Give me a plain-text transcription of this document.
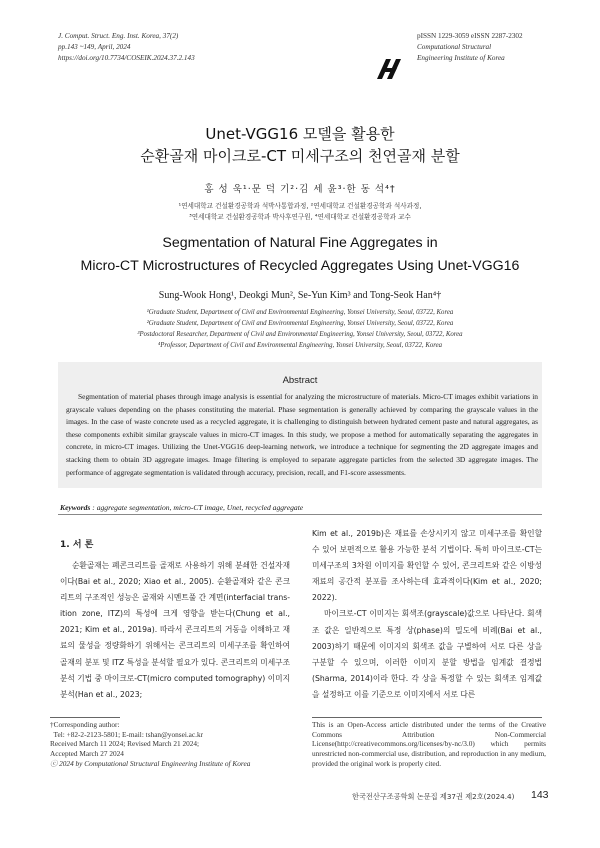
J. Comput. Struct. Eng. Inst. Korea, 37(2)
pp.143 ~149, April, 2024
https://doi.org/10.7734/COSEIK.2024.37.2.143
pISSN 1229-3059 eISSN 2287-2302
Computational Structural
Engineering Institute of Korea
Unet-VGG16 모델을 활용한
순환골재 마이크로-CT 미세구조의 천연골재 분할
홍 성 욱¹·문 덕 기²·김 세 윤³·한 동 석⁴†
¹연세대학교 건설환경공학과 석박사통합과정, ²연세대학교 건설환경공학과 석사과정,
³연세대학교 건설환경공학과 박사후연구원, ⁴연세대학교 건설환경공학과 교수
Segmentation of Natural Fine Aggregates in
Micro-CT Microstructures of Recycled Aggregates Using Unet-VGG16
Sung-Wook Hong¹, Deokgi Mun², Se-Yun Kim³ and Tong-Seok Han⁴†
¹Graduate Student, Department of Civil and Environmental Engineering, Yonsei University, Seoul, 03722, Korea
²Graduate Student, Department of Civil and Environmental Engineering, Yonsei University, Seoul, 03722, Korea
³Postdoctoral Researcher, Department of Civil and Environmental Engineering, Yonsei University, Seoul, 03722, Korea
⁴Professor, Department of Civil and Environmental Engineering, Yonsei University, Seoul, 03722, Korea
Abstract
Segmentation of material phases through image analysis is essential for analyzing the microstructure of materials. Micro-CT images exhibit variations in grayscale values depending on the phases constituting the material. Phase segmentation is generally achieved by comparing the grayscale values in the images. In the case of waste concrete used as a recycled aggregate, it is challenging to distinguish between hydrated cement paste and natural aggregates, as these components exhibit similar grayscale values in micro-CT images. In this study, we propose a method for automatically separating the aggregates in concrete, in micro-CT images. Utilizing the Unet-VGG16 deep-learning network, we introduce a technique for segmenting the 2D aggregate images and stacking them to obtain 3D aggregate images. Image filtering is employed to separate aggregate particles from the selected 3D aggregate images. The performance of aggregate segmentation is validated through accuracy, precision, recall, and F1-score assessments.
Keywords : aggregate segmentation, micro-CT image, Unet, recycled aggregate
1. 서 론

순환골재는 폐콘크리트를 골재로 사용하기 위해 분쇄한 건설자재이다(Bai et al., 2020; Xiao et al., 2005). 순환골재와 같은 콘크리트의 구조적인 성능은 골재와 시멘트풀 간 계면(interfacial trans-ition zone, ITZ)의 특성에 크게 영향을 받는다(Chung et al., 2021; Kim et al., 2019a). 따라서 콘크리트의 거동을 이해하고 재료의 물성을 정량화하기 위해서는 콘크리트의 미세구조를 확인하여 골재의 분포 및 ITZ 특성을 분석할 필요가 있다. 콘크리트의 미세구조 분석 기법 중 마이크로-CT(micro computed tomography) 이미지 분석(Han et al., 2023;

Kim et al., 2019b)은 재료를 손상시키지 않고 미세구조를 확인할 수 있어 보편적으로 활용 가능한 분석 기법이다. 특히 마이크로-CT는 미세구조의 3차원 이미지를 확인할 수 있어, 콘크리트와 같은 이방성 재료의 공간적 분포를 조사하는데 효과적이다(Kim et al., 2020; 2022).

마이크로-CT 이미지는 회색조(grayscale)값으로 나타난다. 회색조 값은 일반적으로 특정 상(phase)의 밀도에 비례(Bai et al., 2003)하기 때문에 이미지의 회색조 값을 구별하여 서로 다른 상을 구분할 수 있으며, 이러한 이미지 분할 방법을 임계값 결정법(Sharma, 2014)이라 한다. 각 상을 특정할 수 있는 회색조 임계값을 설정하고 이를 기준으로 이미지에서 서로 다른

†Corresponding author:
Tel: +82-2-2123-5801; E-mail: tshan@yonsei.ac.kr
Received March 11 2024; Revised March 21 2024;
Accepted March 27 2024
ⓒ 2024 by Computational Structural Engineering Institute of Korea
This is an Open-Access article distributed under the terms of the Creative Commons Attribution Non-Commercial License(http://creativecommons.org/licenses/by-nc/3.0) which permits unrestricted non-commercial use, distribution, and reproduction in any medium, provided the original work is properly cited.
한국전산구조공학회 논문집 제37권 제2호(2024.4) 143
